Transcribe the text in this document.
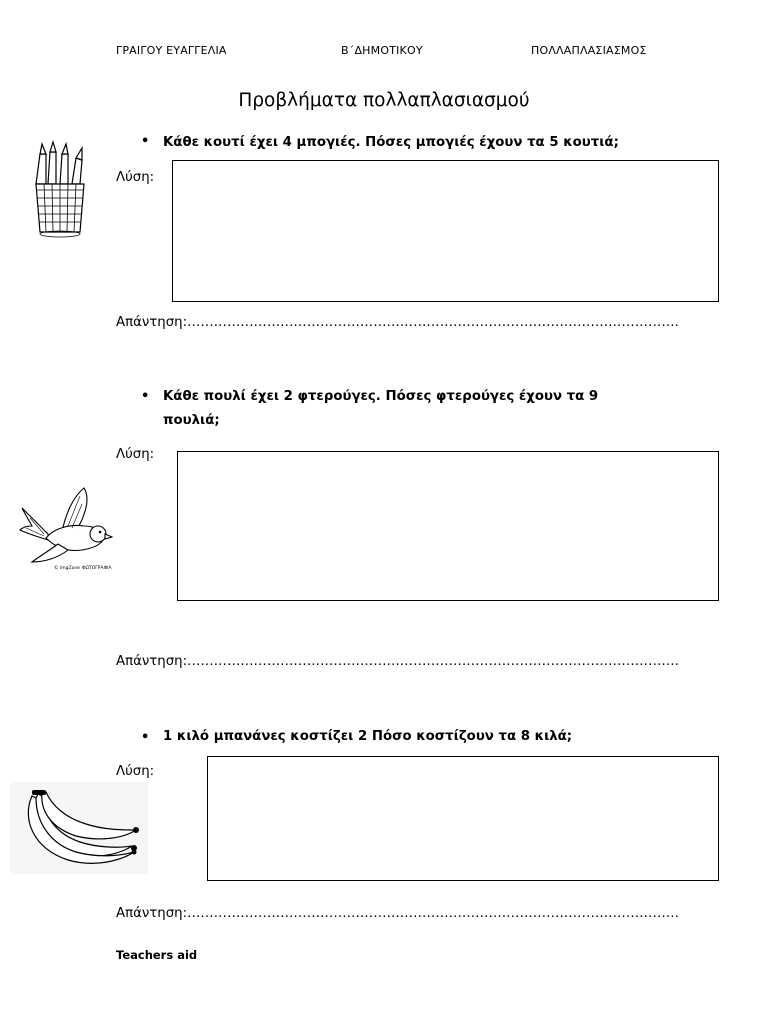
ΓΡΑΙΓΟΥ ΕΥΑΓΓΕΛΙΑ	Β΄ΔΗΜΟΤΙΚΟΥ	ΠΟΛΛΑΠΛΑΣΙΑΣΜΟΣ
Προβλήματα πολλαπλασιασμού
• Κάθε κουτί έχει 4 μπογιές. Πόσες μπογιές έχουν τα 5 κουτιά;
Λύση:
Απάντηση:…………………………………………………………………………………………………
• Κάθε πουλί έχει 2 φτερούγες. Πόσες φτερούγες έχουν τα 9
πουλιά;
Λύση:
© ImgZone ΦΩΤΟΓΡΑΦΙΑ
Απάντηση:…………………………………………………………………………………………………
• 1 κιλό μπανάνες κοστίζει 2 Πόσο κοστίζουν τα 8 κιλά;
Λύση:
Απάντηση:…………………………………………………………………………………………………
Teachers aid
